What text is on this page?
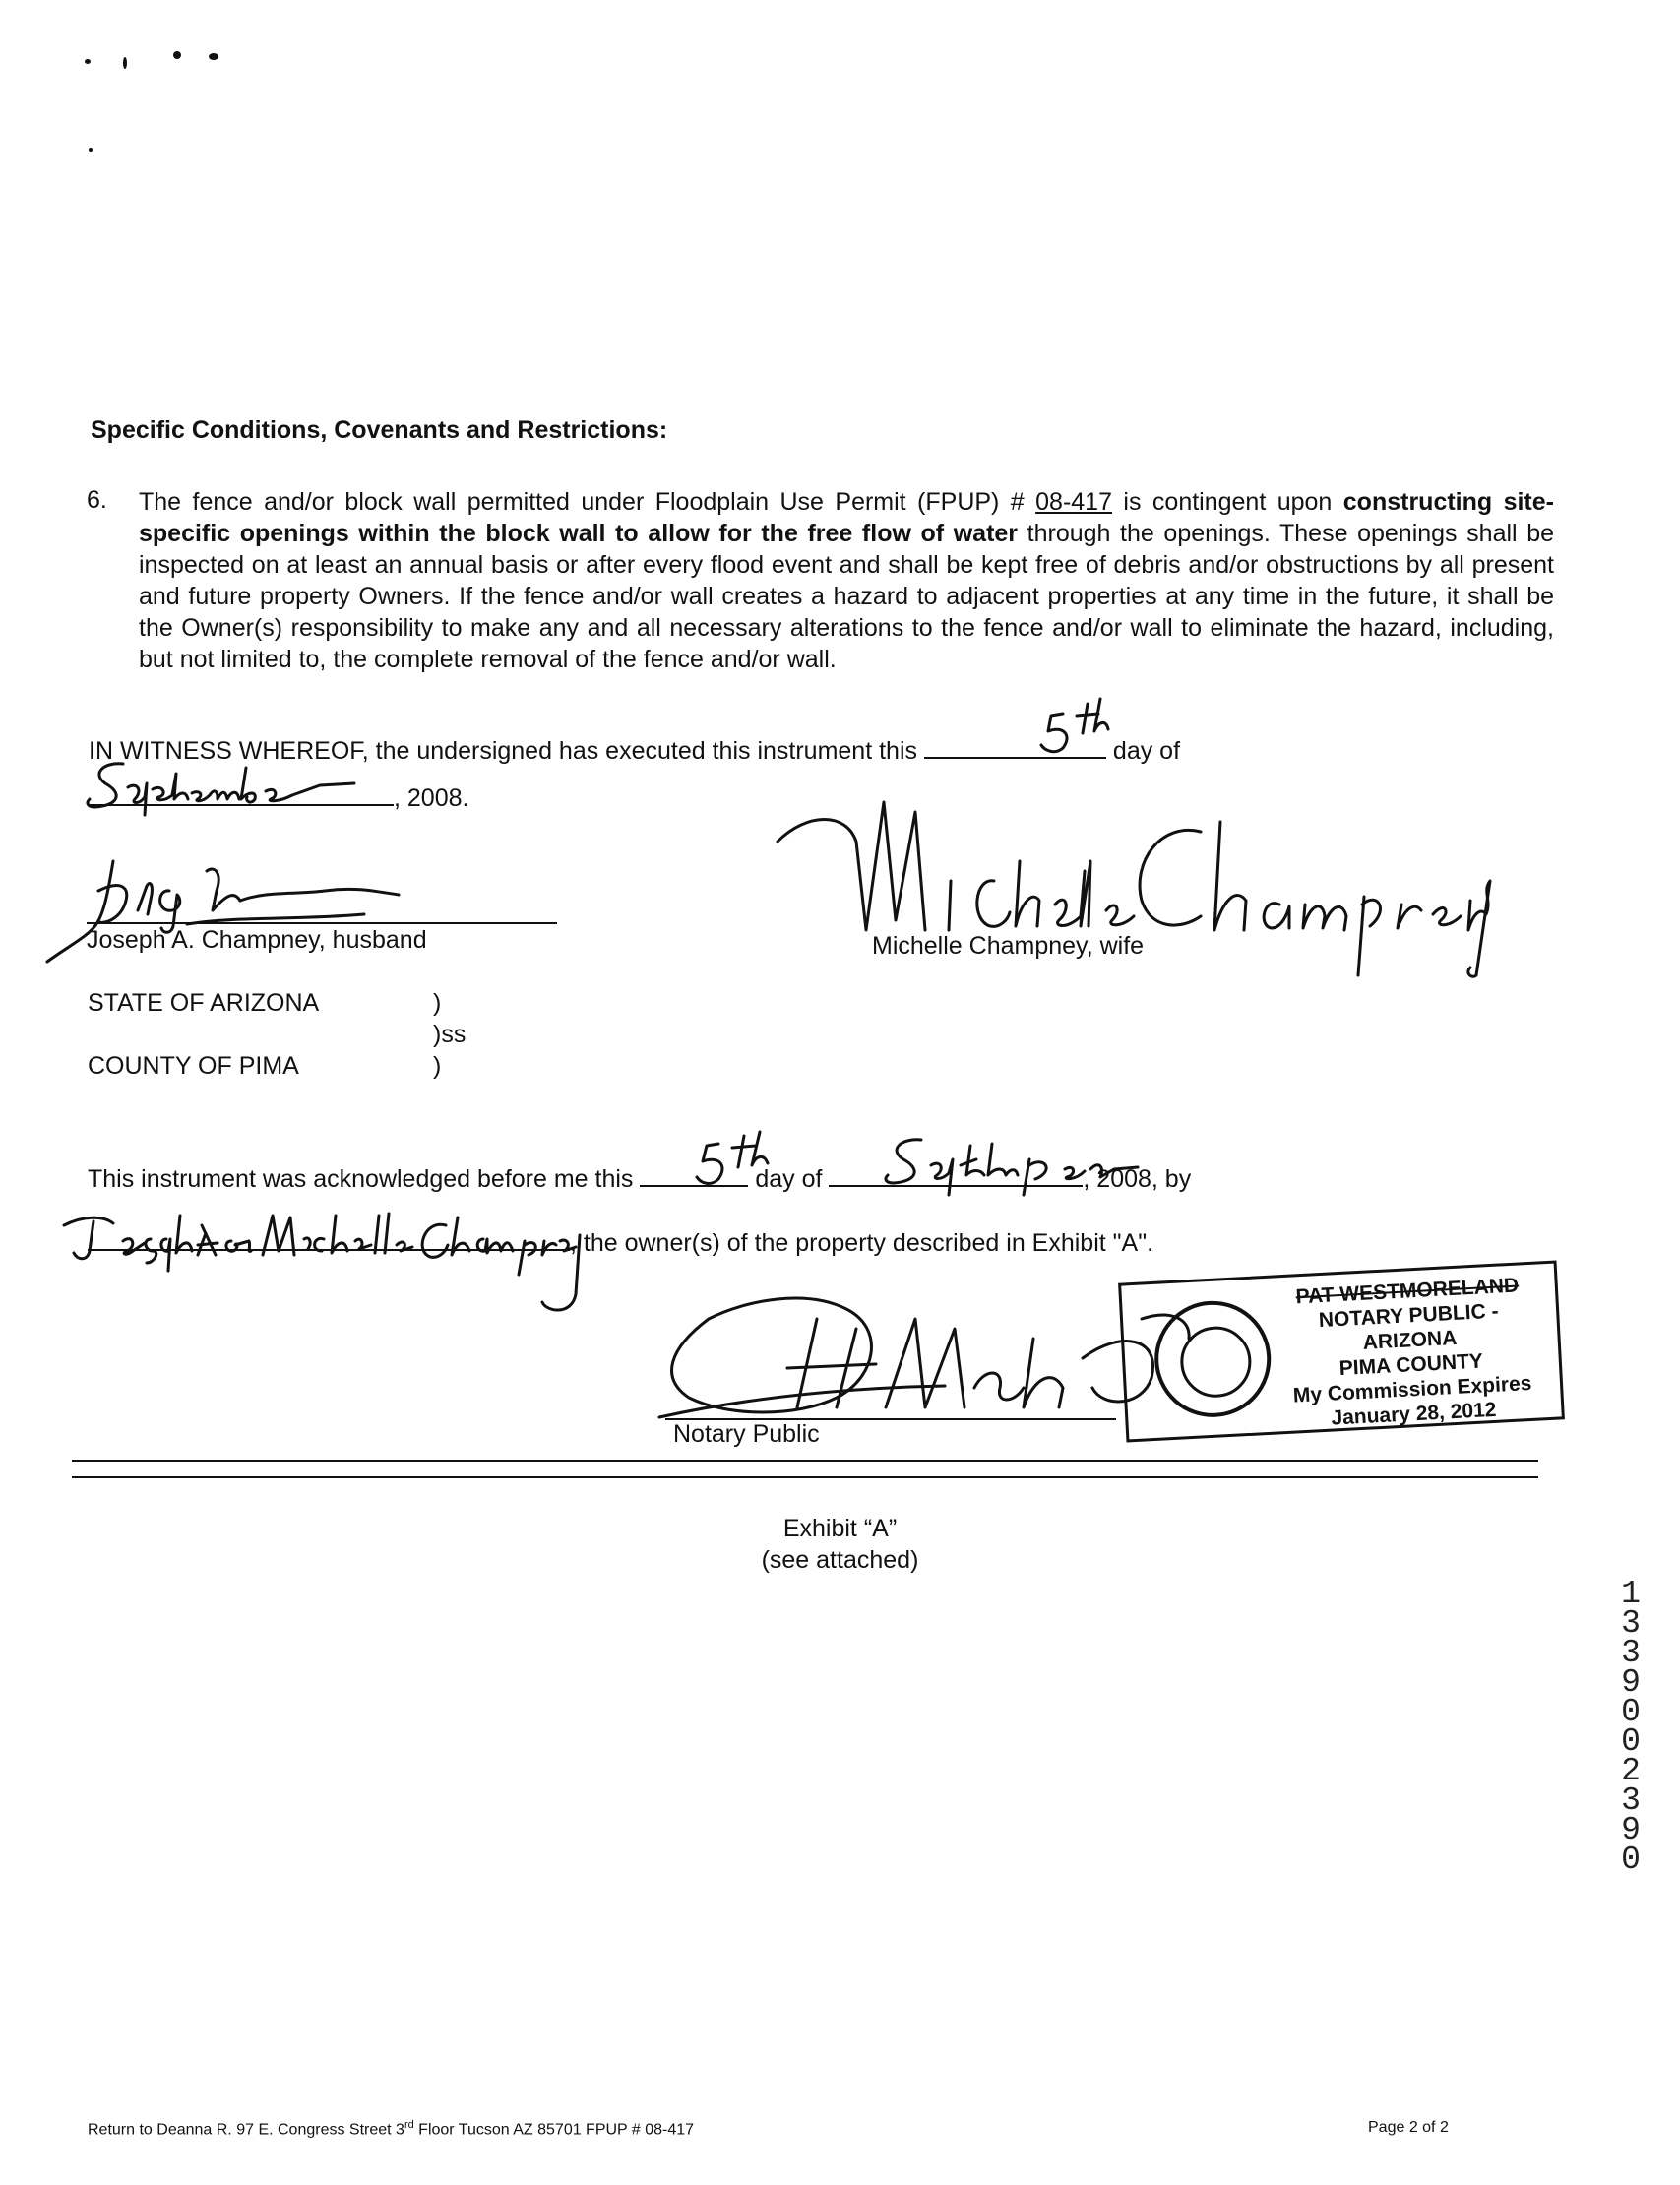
Specific Conditions, Covenants and Restrictions:
6. The fence and/or block wall permitted under Floodplain Use Permit (FPUP) # 08-417 is contingent upon constructing site-specific openings within the block wall to allow for the free flow of water through the openings. These openings shall be inspected on at least an annual basis or after every flood event and shall be kept free of debris and/or obstructions by all present and future property Owners. If the fence and/or wall creates a hazard to adjacent properties at any time in the future, it shall be the Owner(s) responsibility to make any and all necessary alterations to the fence and/or wall to eliminate the hazard, including, but not limited to, the complete removal of the fence and/or wall.
IN WITNESS WHEREOF, the undersigned has executed this instrument this	day of
, 2008.
Joseph A. Champney, husband	Michelle Champney, wife
STATE OF ARIZONA	)
)ss
COUNTY OF PIMA	)
This instrument was acknowledged before me this	day of	, 2008, by
, the owner(s) of the property described in Exhibit "A".
Notary Public
PAT WESTMORELAND
NOTARY PUBLIC - ARIZONA
PIMA COUNTY
My Commission Expires
January 28, 2012
Exhibit “A”
(see attached)
13390 02390
Return to Deanna R. 97 E. Congress Street 3rd Floor Tucson AZ 85701 FPUP # 08-417	Page 2 of 2
